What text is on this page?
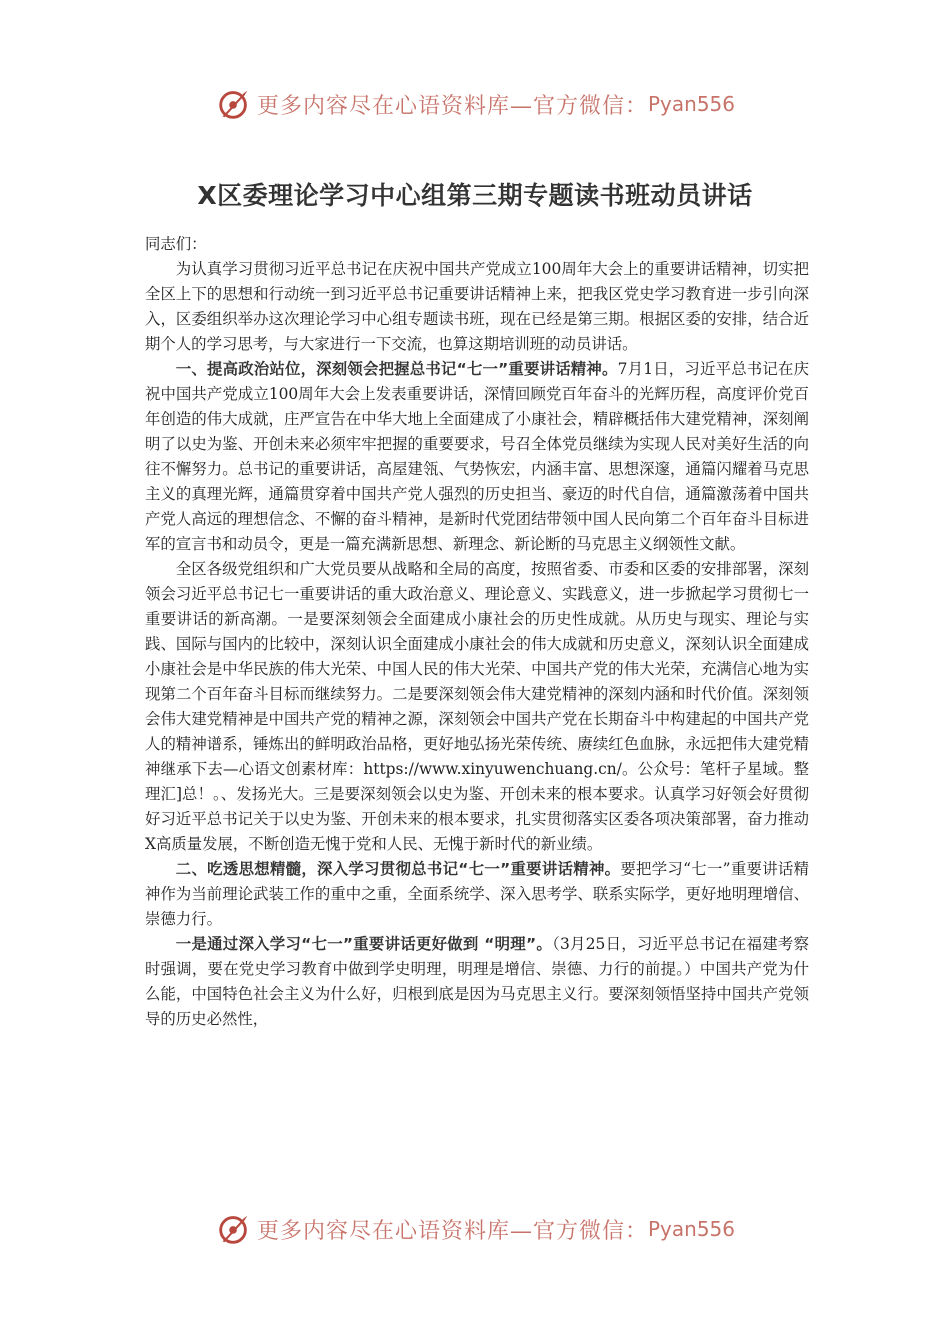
更多内容尽在心语资料库—官方微信： Pyan556
X区委理论学习中心组第三期专题读书班动员讲话

同志们：

为认真学习贯彻习近平总书记在庆祝中国共产党成立100周年大会上的重要讲话精神，切实把全区上下的思想和行动统一到习近平总书记重要讲话精神上来，把我区党史学习教育进一步引向深入，区委组织举办这次理论学习中心组专题读书班，现在已经是第三期。根据区委的安排，结合近期个人的学习思考，与大家进行一下交流，也算这期培训班的动员讲话。

一、提高政治站位，深刻领会把握总书记“七一”重要讲话精神。7月1日，习近平总书记在庆祝中国共产党成立100周年大会上发表重要讲话，深情回顾党百年奋斗的光辉历程，高度评价党百年创造的伟大成就，庄严宣告在中华大地上全面建成了小康社会，精辟概括伟大建党精神，深刻阐明了以史为鉴、开创未来必须牢牢把握的重要要求，号召全体党员继续为实现人民对美好生活的向往不懈努力。总书记的重要讲话，高屋建瓴、气势恢宏，内涵丰富、思想深邃，通篇闪耀着马克思主义的真理光辉，通篇贯穿着中国共产党人强烈的历史担当、豪迈的时代自信，通篇激荡着中国共产党人高远的理想信念、不懈的奋斗精神，是新时代党团结带领中国人民向第二个百年奋斗目标进军的宣言书和动员令，更是一篇充满新思想、新理念、新论断的马克思主义纲领性文献。

全区各级党组织和广大党员要从战略和全局的高度，按照省委、市委和区委的安排部署，深刻领会习近平总书记七一重要讲话的重大政治意义、理论意义、实践意义，进一步掀起学习贯彻七一重要讲话的新高潮。一是要深刻领会全面建成小康社会的历史性成就。从历史与现实、理论与实践、国际与国内的比较中，深刻认识全面建成小康社会的伟大成就和历史意义，深刻认识全面建成小康社会是中华民族的伟大光荣、中国人民的伟大光荣、中国共产党的伟大光荣，充满信心地为实现第二个百年奋斗目标而继续努力。二是要深刻领会伟大建党精神的深刻内涵和时代价值。深刻领会伟大建党精神是中国共产党的精神之源，深刻领会中国共产党在长期奋斗中构建起的中国共产党人的精神谱系，锤炼出的鲜明政治品格，更好地弘扬光荣传统、赓续红色血脉，永远把伟大建党精神继承下去—心语文创素材库：https://www.xinyuwenchuang.cn/。公众号：笔杆子星域。整理汇]总！。、发扬光大。三是要深刻领会以史为鉴、开创未来的根本要求。认真学习好领会好贯彻好习近平总书记关于以史为鉴、开创未来的根本要求，扎实贯彻落实区委各项决策部署，奋力推动X高质量发展，不断创造无愧于党和人民、无愧于新时代的新业绩。

二、吃透思想精髓，深入学习贯彻总书记“七一”重要讲话精神。要把学习“七一”重要讲话精神作为当前理论武装工作的重中之重，全面系统学、深入思考学、联系实际学，更好地明理增信、崇德力行。

一是通过深入学习“七一”重要讲话更好做到 “明理”。（3月25日，习近平总书记在福建考察时强调，要在党史学习教育中做到学史明理，明理是增信、崇德、力行的前提。）中国共产党为什么能，中国特色社会主义为什么好，归根到底是因为马克思主义行。要深刻领悟坚持中国共产党领导的历史必然性，

更多内容尽在心语资料库—官方微信： Pyan556
